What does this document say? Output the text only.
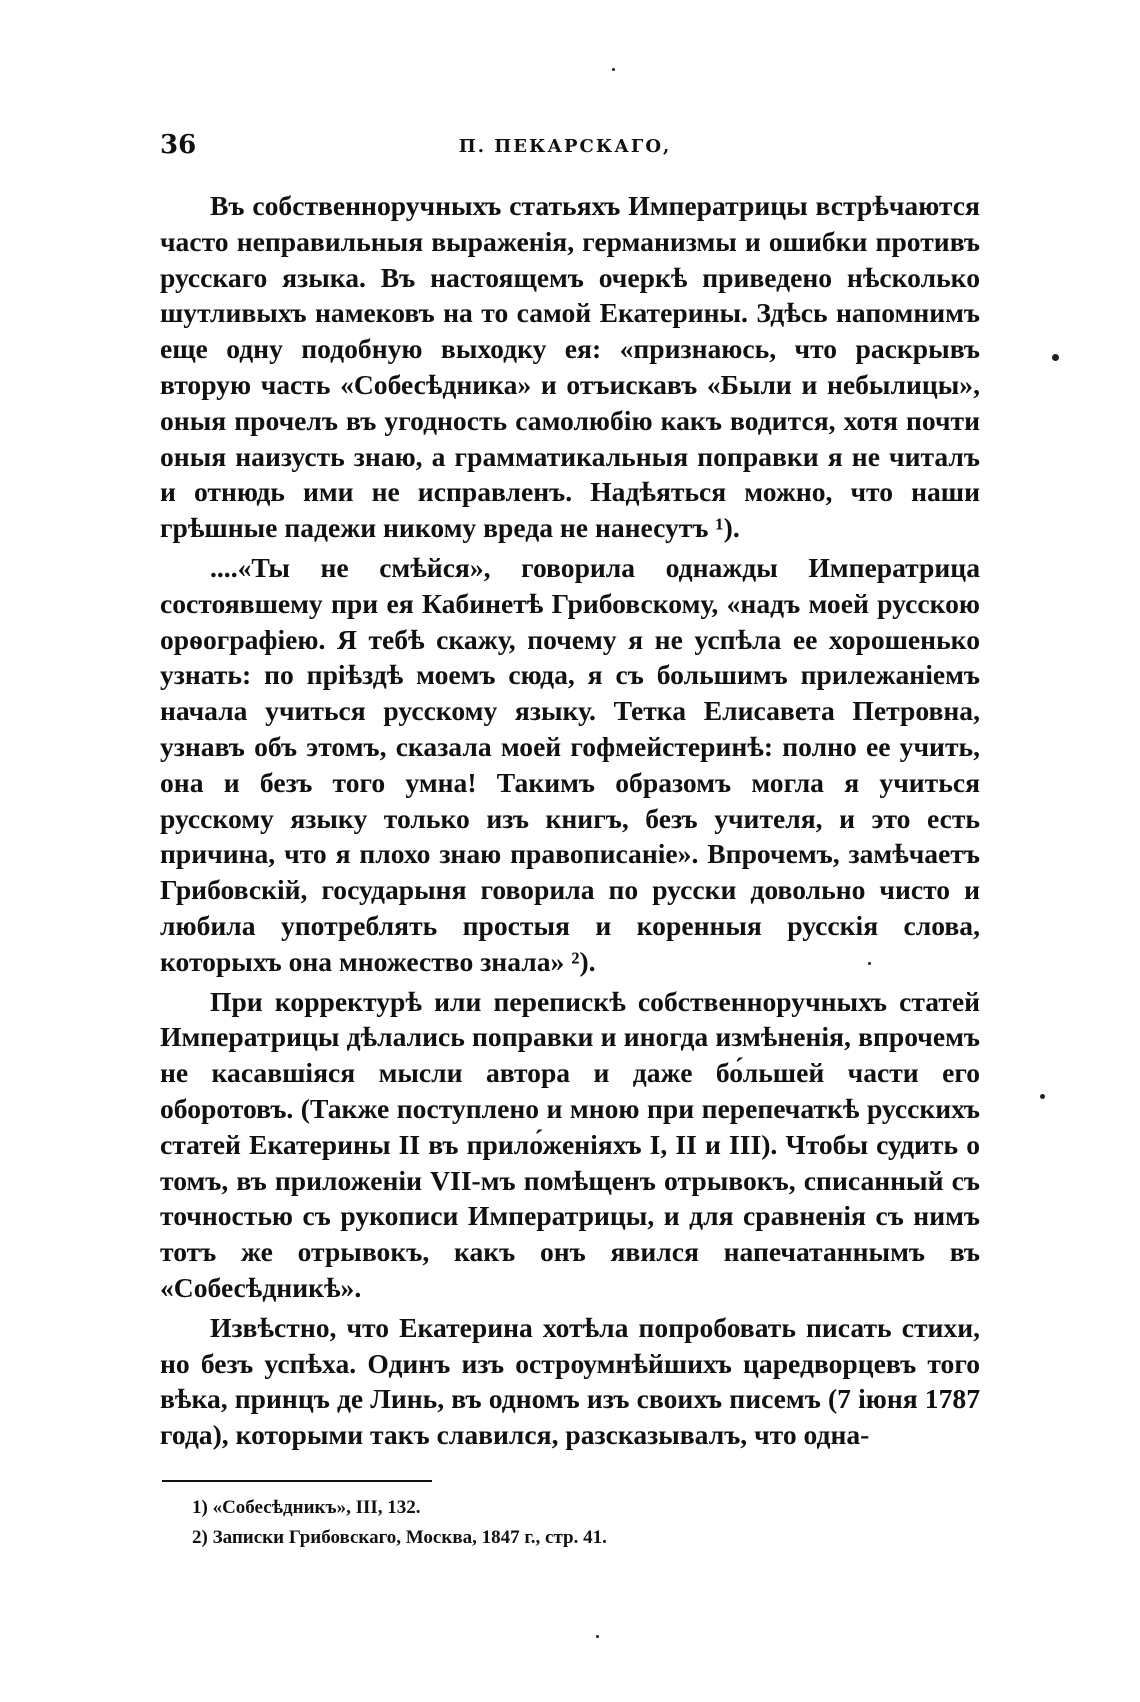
36	П. ПЕКАРСКАГО,

Въ собственноручныхъ статьяхъ Императрицы встрѣчаются часто неправильныя выраженія, германизмы и ошибки противъ русскаго языка. Въ настоящемъ очеркѣ приведено нѣсколько шутливыхъ намековъ на то самой Екатерины. Здѣсь напомнимъ еще одну подобную выходку ея: «признаюсь, что раскрывъ вторую часть «Собесѣдника» и отъискавъ «Были и небылицы», оныя прочелъ въ угодность самолюбію какъ водится, хотя почти оныя наизусть знаю, а грамматикальныя поправки я не читалъ и отнюдь ими не исправленъ. Надѣяться можно, что наши грѣшные падежи никому вреда не нанесутъ ¹).

....«Ты не смѣйся», говорила однажды Императрица состоявшему при ея Кабинетѣ Грибовскому, «надъ моей русскою орѳографіею. Я тебѣ скажу, почему я не успѣла ее хорошенько узнать: по пріѣздѣ моемъ сюда, я съ большимъ прилежаніемъ начала учиться русскому языку. Тетка Елисавета Петровна, узнавъ объ этомъ, сказала моей гофмейстеринѣ: полно ее учить, она и безъ того умна! Такимъ образомъ могла я учиться русскому языку только изъ книгъ, безъ учителя, и это есть причина, что я плохо знаю правописаніе». Впрочемъ, замѣчаетъ Грибовскій, государыня говорила по русски довольно чисто и любила употреблять простыя и коренныя русскія слова, которыхъ она множество знала» ²).

При корректурѣ или перепискѣ собственноручныхъ статей Императрицы дѣлались поправки и иногда измѣненія, впрочемъ не касавшіяся мысли автора и даже бо́льшей части его оборотовъ. (Также поступлено и мною при перепечаткѣ русскихъ статей Екатерины II въ прило́женіяхъ I, II и III). Чтобы судить о томъ, въ приложеніи VII-мъ помѣщенъ отрывокъ, списанный съ точностью съ рукописи Императрицы, и для сравненія съ нимъ тотъ же отрывокъ, какъ онъ явился напечатаннымъ въ «Собесѣдникѣ».

Извѣстно, что Екатерина хотѣла попробовать писать стихи, но безъ успѣха. Одинъ изъ остроумнѣйшихъ царедворцевъ того вѣка, принцъ де Линь, въ одномъ изъ своихъ писемъ (7 іюня 1787 года), которыми такъ славился, разсказывалъ, что одна-

1) «Собесѣдникъ», III, 132.

2) Записки Грибовскаго, Москва, 1847 г., стр. 41.
